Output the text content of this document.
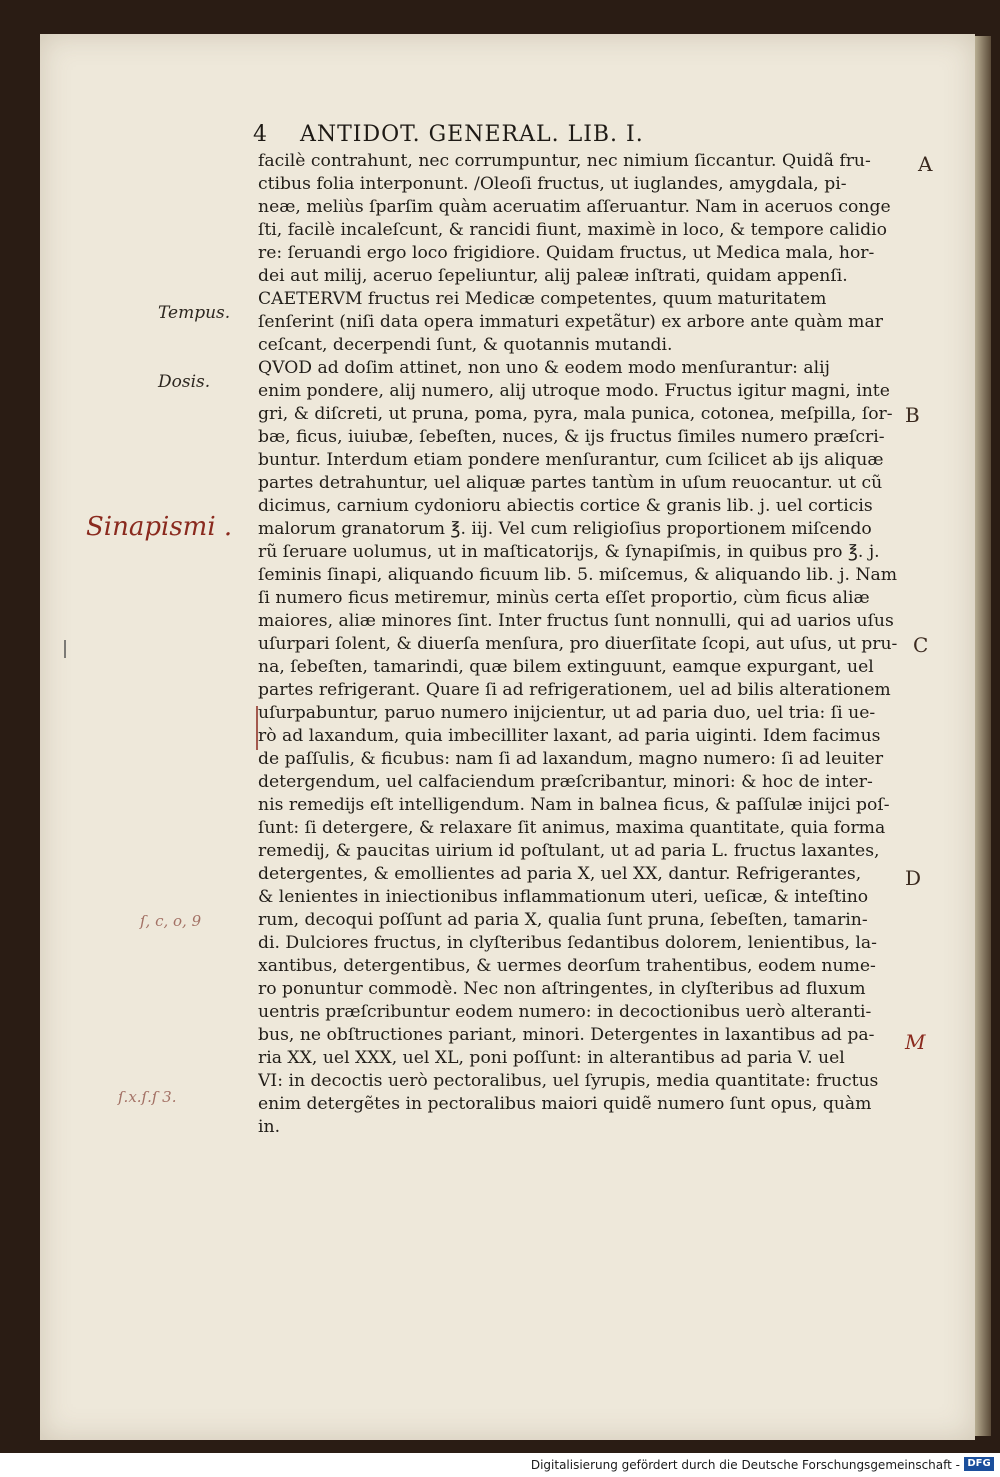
4 ANTIDOT. GENERAL. LIB. I.
facilè contrahunt, nec corrumpuntur, nec nimium ſiccantur. Quidã fru-
ctibus folia interponunt. /Oleoſi fructus, ut iuglandes, amygdala, pi-
neæ, meliùs ſparſim quàm aceruatim aſſeruantur. Nam in aceruos conge
ſti, facilè incaleſcunt, & rancidi fiunt, maximè in loco, & tempore calidio
re: ſeruandi ergo loco frigidiore. Quidam fructus, ut Medica mala, hor-
dei aut milij, aceruo ſepeliuntur, alij paleæ inſtrati, quidam appenſi.
CAETERVM fructus rei Medicæ competentes, quum maturitatem
ſenſerint (niſi data opera immaturi expetãtur) ex arbore ante quàm mar
ceſcant, decerpendi ſunt, & quotannis mutandi.
QVOD ad doſim attinet, non uno & eodem modo menſurantur: alij
enim pondere, alij numero, alij utroque modo. Fructus igitur magni, inte
gri, & diſcreti, ut pruna, poma, pyra, mala punica, cotonea, meſpilla, ſor-
bæ, ficus, iuiubæ, ſebeſten, nuces, & ijs fructus ſimiles numero præſcri-
buntur. Interdum etiam pondere menſurantur, cum ſcilicet ab ijs aliquæ
partes detrahuntur, uel aliquæ partes tantùm in uſum reuocantur. ut cũ
dicimus, carnium cydonioru abiectis cortice & granis lib. j. uel corticis
malorum granatorum ℥. iij. Vel cum religioſius proportionem miſcendo
rũ ſeruare uolumus, ut in maſticatorijs, & ſynapiſmis, in quibus pro ℥. j.
ſeminis ſinapi, aliquando ficuum lib. 5. miſcemus, & aliquando lib. j. Nam
ſi numero ficus metiremur, minùs certa eſſet proportio, cùm ficus aliæ
maiores, aliæ minores ſint. Inter fructus ſunt nonnulli, qui ad uarios uſus
uſurpari ſolent, & diuerſa menſura, pro diuerſitate ſcopi, aut uſus, ut pru-
na, ſebeſten, tamarindi, quæ bilem extinguunt, eamque expurgant, uel
partes refrigerant. Quare ſi ad refrigerationem, uel ad bilis alterationem
uſurpabuntur, paruo numero inijcientur, ut ad paria duo, uel tria: ſi ue-
rò ad laxandum, quia imbecilliter laxant, ad paria uiginti. Idem facimus
de paſſulis, & ficubus: nam ſi ad laxandum, magno numero: ſi ad leuiter
detergendum, uel calfaciendum præſcribantur, minori: & hoc de inter-
nis remedijs eſt intelligendum. Nam in balnea ficus, & paſſulæ inijci poſ-
ſunt: ſi detergere, & relaxare ſit animus, maxima quantitate, quia forma
remedij, & paucitas uirium id poſtulant, ut ad paria L. fructus laxantes,
detergentes, & emollientes ad paria X, uel XX, dantur. Refrigerantes,
& lenientes in iniectionibus inflammationum uteri, ueſicæ, & inteſtino
rum, decoqui poſſunt ad paria X, qualia ſunt pruna, ſebeſten, tamarin-
di. Dulciores fructus, in clyſteribus ſedantibus dolorem, lenientibus, la-
xantibus, detergentibus, & uermes deorſum trahentibus, eodem nume-
ro ponuntur commodè. Nec non aſtringentes, in clyſteribus ad fluxum
uentris præſcribuntur eodem numero: in decoctionibus uerò alteranti-
bus, ne obſtructiones pariant, minori. Detergentes in laxantibus ad pa-
ria XX, uel XXX, uel XL, poni poſſunt: in alterantibus ad paria V. uel
VI: in decoctis uerò pectoralibus, uel ſyrupis, media quantitate: fructus
enim detergẽtes in pectoralibus maiori quidẽ numero ſunt opus, quàm
in.
Tempus.
Dosis.
A
B
C
D
M
Sinapismi .
ſ, c, o, 9
ſ.x.ſ.ſ 3.
Digitalisierung gefördert durch die Deutsche Forschungsgemeinschaft - DFG
